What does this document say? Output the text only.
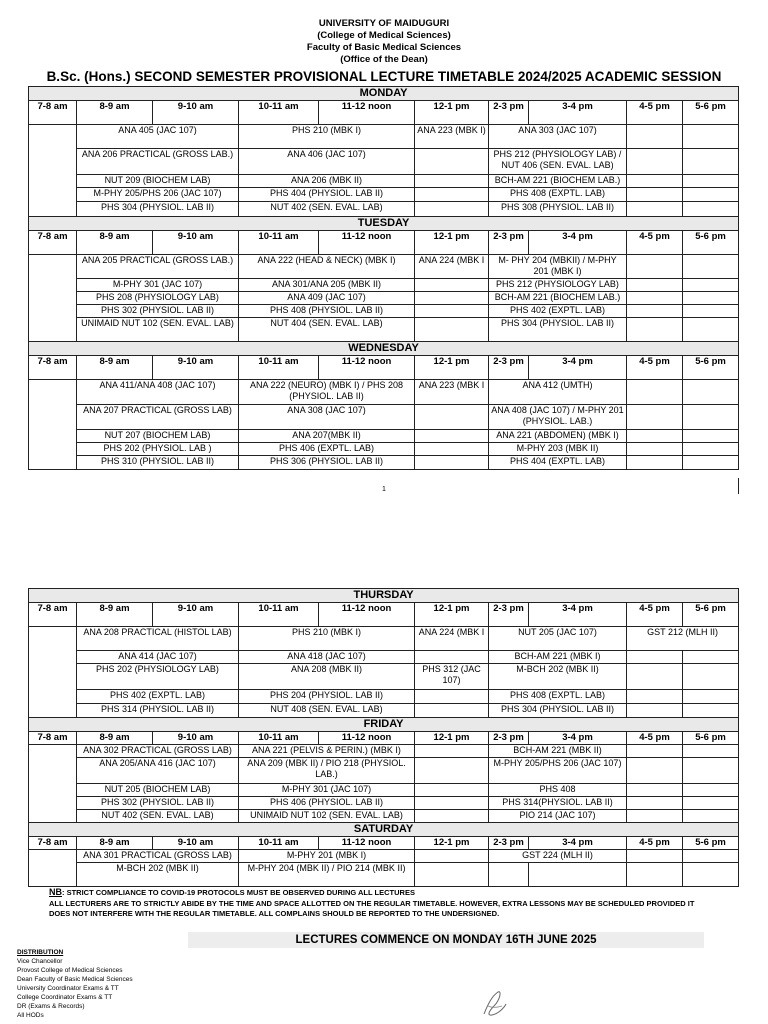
UNIVERSITY OF MAIDUGURI
(College of Medical Sciences)
Faculty of Basic Medical Sciences
(Office of the Dean)
B.Sc. (Hons.) SECOND SEMESTER PROVISIONAL LECTURE TIMETABLE 2024/2025 ACADEMIC SESSION
MONDAY									
7-8 am	8-9 am	9-10 am	10-11 am	11-12 noon	12-1 pm	2-3 pm	3-4 pm	4-5 pm	5-6 pm
	ANA 405 (JAC 107)		PHS 210 (MBK I)		ANA 223 (MBK I)	ANA 303 (JAC 107)			
	ANA 206 PRACTICAL (GROSS LAB.)		ANA 406 (JAC 107)			PHS 212 (PHYSIOLOGY LAB) / NUT 406 (SEN. EVAL. LAB)			
	NUT 209 (BIOCHEM LAB)		ANA 206 (MBK II)			BCH-AM 221 (BIOCHEM LAB.)			
	M-PHY 205/PHS 206 (JAC 107)		PHS 404 (PHYSIOL. LAB II)			PHS 408 (EXPTL. LAB)			
	PHS 304 (PHYSIOL. LAB II)		NUT 402 (SEN. EVAL. LAB)			PHS 308 (PHYSIOL. LAB II)			
TUESDAY									
7-8 am	8-9 am	9-10 am	10-11 am	11-12 noon	12-1 pm	2-3 pm	3-4 pm	4-5 pm	5-6 pm
	ANA 205 PRACTICAL (GROSS LAB.)		ANA 222 (HEAD & NECK) (MBK I)		ANA 224 (MBK I	M- PHY 204 (MBKII) / M-PHY 201 (MBK I)			
	M-PHY 301 (JAC 107)		ANA 301/ANA 205 (MBK II)			PHS 212 (PHYSIOLOGY LAB)			
	PHS 208 (PHYSIOLOGY LAB)		ANA 409 (JAC 107)			BCH-AM 221 (BIOCHEM LAB.)			
	PHS 302 (PHYSIOL. LAB II)		PHS 408 (PHYSIOL. LAB II)			PHS 402 (EXPTL. LAB)			
	UNIMAID NUT 102 (SEN. EVAL. LAB)		NUT 404 (SEN. EVAL. LAB)			PHS 304 (PHYSIOL. LAB II)			
WEDNESDAY									
7-8 am	8-9 am	9-10 am	10-11 am	11-12 noon	12-1 pm	2-3 pm	3-4 pm	4-5 pm	5-6 pm
	ANA 411/ANA 408 (JAC 107)		ANA 222 (NEURO) (MBK I) / PHS 208 (PHYSIOL. LAB II)		ANA 223 (MBK I	ANA 412 (UMTH)			
	ANA 207 PRACTICAL (GROSS LAB)		ANA 308 (JAC 107)			ANA 408 (JAC 107) / M-PHY 201 (PHYSIOL. LAB.)			
	NUT 207 (BIOCHEM LAB)		ANA 207(MBK II)			ANA 221 (ABDOMEN) (MBK I)			
	PHS 202 (PHYSIOL. LAB )		PHS 406 (EXPTL. LAB)			M-PHY 203 (MBK II)			
	PHS 310 (PHYSIOL. LAB II)		PHS 306 (PHYSIOL. LAB II)			PHS 404 (EXPTL. LAB)			
1
THURSDAY									
7-8 am	8-9 am	9-10 am	10-11 am	11-12 noon	12-1 pm	2-3 pm	3-4 pm	4-5 pm	5-6 pm
	ANA 208 PRACTICAL (HISTOL LAB)		PHS 210 (MBK I)		ANA 224 (MBK I	NUT 205 (JAC 107)		GST 212 (MLH II)	
	ANA 414 (JAC 107)		ANA 418 (JAC 107)			BCH-AM 221 (MBK I)			
	PHS 202 (PHYSIOLOGY LAB)		ANA 208 (MBK II)		PHS 312 (JAC 107)	M-BCH 202 (MBK II)			
	PHS 402 (EXPTL. LAB)		PHS 204 (PHYSIOL. LAB II)			PHS 408 (EXPTL. LAB)			
	PHS 314 (PHYSIOL. LAB II)		NUT 408 (SEN. EVAL. LAB)			PHS 304 (PHYSIOL. LAB II)			
FRIDAY									
7-8 am	8-9 am	9-10 am	10-11 am	11-12 noon	12-1 pm	2-3 pm	3-4 pm	4-5 pm	5-6 pm
	ANA 302 PRACTICAL (GROSS LAB)		ANA 221 (PELVIS & PERIN.) (MBK I)			BCH-AM 221 (MBK II)			
	ANA 205/ANA 416 (JAC 107)		ANA 209 (MBK II) / PIO 218 (PHYSIOL. LAB.)			M-PHY 205/PHS 206 (JAC 107)			
	NUT 205 (BIOCHEM LAB)		M-PHY 301 (JAC 107)			PHS 408			
	PHS 302 (PHYSIOL. LAB II)		PHS 406 (PHYSIOL. LAB II)			PHS 314(PHYSIOL. LAB II)			
	NUT 402 (SEN. EVAL. LAB)		UNIMAID NUT 102 (SEN. EVAL. LAB)			PIO 214 (JAC 107)			
SATURDAY									
7-8 am	8-9 am	9-10 am	10-11 am	11-12 noon	12-1 pm	2-3 pm	3-4 pm	4-5 pm	5-6 pm
	ANA 301 PRACTICAL (GROSS LAB)		M-PHY 201 (MBK I)			GST 224 (MLH II)			
	M-BCH 202 (MBK II)		M-PHY 204 (MBK II) / PIO 214 (MBK II)						
NB: STRICT COMPLIANCE TO COVID-19 PROTOCOLS MUST BE OBSERVED DURING ALL LECTURES
ALL LECTURERS ARE TO STRICTLY ABIDE BY THE TIME AND SPACE ALLOTTED ON THE REGULAR TIMETABLE. HOWEVER, EXTRA LESSONS MAY BE SCHEDULED PROVIDED IT DOES NOT INTERFERE WITH THE REGULAR TIMETABLE. ALL COMPLAINS SHOULD BE REPORTED TO THE UNDERSIGNED.
LECTURES COMMENCE ON MONDAY 16TH JUNE 2025
DISTRIBUTION
Vice Chancellor
Provost College of Medical Sciences
Dean Faculty of Basic Medical Sciences
University Coordinator Exams & TT
College Coordinator Exams & TT
DR (Exams & Records)
All HODs
